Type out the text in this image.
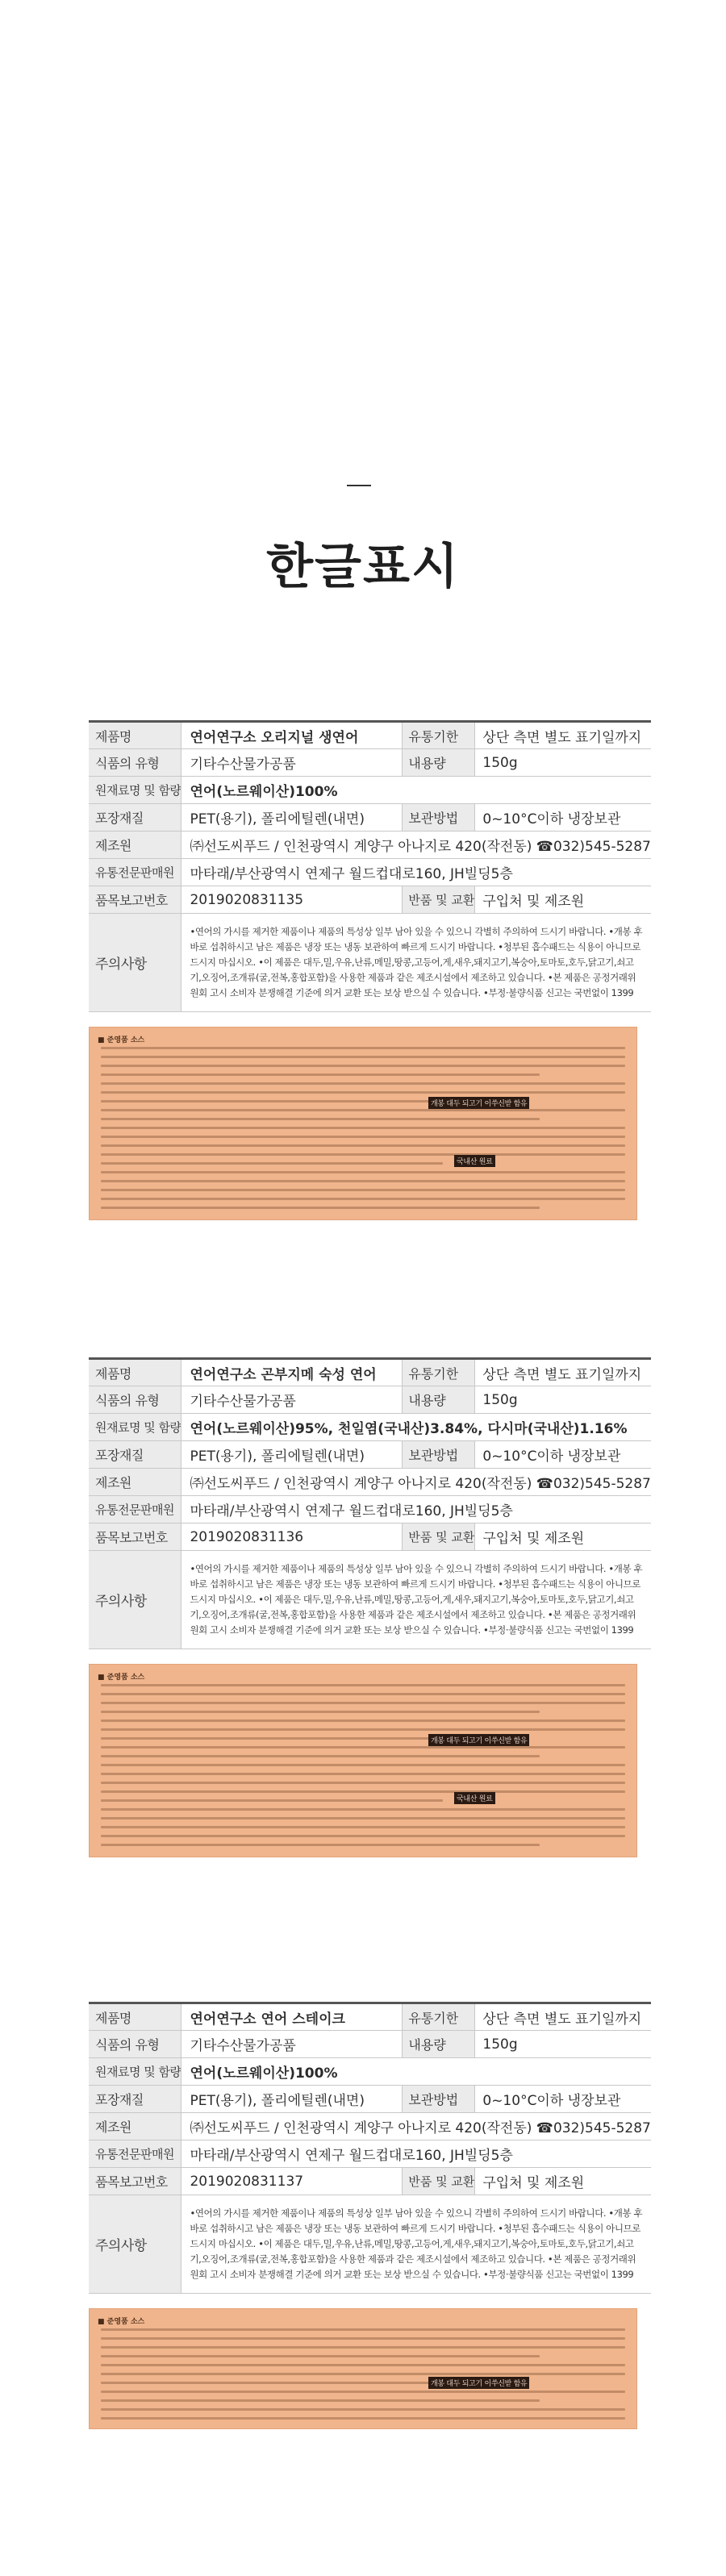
한글표시
제품명	연어연구소 오리지널 생연어	유통기한	상단 측면 별도 표기일까지
식품의 유형	기타수산물가공품	내용량	150g
원재료명 및 함량	연어(노르웨이산)100%		
포장재질	PET(용기), 폴리에틸렌(내면)	보관방법	0~10°C이하 냉장보관
제조원	㈜선도씨푸드 / 인천광역시 계양구 아나지로 420(작전동) ☎032)545-5287		
유통전문판매원	마타래/부산광역시 연제구 월드컵대로160, JH빌딩5층		
품목보고번호	2019020831135	반품 및 교환	구입처 및 제조원
주의사항	•연어의 가시를 제거한 제품이나 제품의 특성상 일부 남아 있을 수 있으니 각별히 주의하여 드시기 바랍니다. •개봉 후 바로 섭취하시고 남은 제품은 냉장 또는 냉동 보관하여 빠르게 드시기 바랍니다. •청부된 흡수패드는 식용이 아니므로 드시지 마십시오. •이 제품은 대두,밀,우유,난류,메밀,땅콩,고등어,게,새우,돼지고기,복숭아,토마토,호두,닭고기,쇠고기,오징어,조개류(굴,전복,홍합포함)을 사용한 제품과 같은 제조시설에서 제조하고 있습니다. •본 제품은 공정거래위원회 고시 소비자 분쟁해결 기준에 의거 교환 또는 보상 받으실 수 있습니다. •부정·불량식품 신고는 국번없이 1399		
■ 준영품 소스
개봉 대두 되고기 이쑤신받 함유
국내산 원료
제품명	연어연구소 곤부지메 숙성 연어	유통기한	상단 측면 별도 표기일까지
식품의 유형	기타수산물가공품	내용량	150g
원재료명 및 함량	연어(노르웨이산)95%, 천일염(국내산)3.84%, 다시마(국내산)1.16%		
포장재질	PET(용기), 폴리에틸렌(내면)	보관방법	0~10°C이하 냉장보관
제조원	㈜선도씨푸드 / 인천광역시 계양구 아나지로 420(작전동) ☎032)545-5287		
유통전문판매원	마타래/부산광역시 연제구 월드컵대로160, JH빌딩5층		
품목보고번호	2019020831136	반품 및 교환	구입처 및 제조원
주의사항	•연어의 가시를 제거한 제품이나 제품의 특성상 일부 남아 있을 수 있으니 각별히 주의하여 드시기 바랍니다. •개봉 후 바로 섭취하시고 남은 제품은 냉장 또는 냉동 보관하여 빠르게 드시기 바랍니다. •청부된 흡수패드는 식용이 아니므로 드시지 마십시오. •이 제품은 대두,밀,우유,난류,메밀,땅콩,고등어,게,새우,돼지고기,복숭아,토마토,호두,닭고기,쇠고기,오징어,조개류(굴,전복,홍합포함)을 사용한 제품과 같은 제조시설에서 제조하고 있습니다. •본 제품은 공정거래위원회 고시 소비자 분쟁해결 기준에 의거 교환 또는 보상 받으실 수 있습니다. •부정·불량식품 신고는 국번없이 1399		
■ 준영품 소스
개봉 대두 되고기 이쑤신받 함유
국내산 원료
제품명	연어연구소 연어 스테이크	유통기한	상단 측면 별도 표기일까지
식품의 유형	기타수산물가공품	내용량	150g
원재료명 및 함량	연어(노르웨이산)100%		
포장재질	PET(용기), 폴리에틸렌(내면)	보관방법	0~10°C이하 냉장보관
제조원	㈜선도씨푸드 / 인천광역시 계양구 아나지로 420(작전동) ☎032)545-5287		
유통전문판매원	마타래/부산광역시 연제구 월드컵대로160, JH빌딩5층		
품목보고번호	2019020831137	반품 및 교환	구입처 및 제조원
주의사항	•연어의 가시를 제거한 제품이나 제품의 특성상 일부 남아 있을 수 있으니 각별히 주의하여 드시기 바랍니다. •개봉 후 바로 섭취하시고 남은 제품은 냉장 또는 냉동 보관하여 빠르게 드시기 바랍니다. •청부된 흡수패드는 식용이 아니므로 드시지 마십시오. •이 제품은 대두,밀,우유,난류,메밀,땅콩,고등어,게,새우,돼지고기,복숭아,토마토,호두,닭고기,쇠고기,오징어,조개류(굴,전복,홍합포함)을 사용한 제품과 같은 제조시설에서 제조하고 있습니다. •본 제품은 공정거래위원회 고시 소비자 분쟁해결 기준에 의거 교환 또는 보상 받으실 수 있습니다. •부정·불량식품 신고는 국번없이 1399		
■ 준영품 소스
개봉 대두 되고기 이쑤신받 함유
